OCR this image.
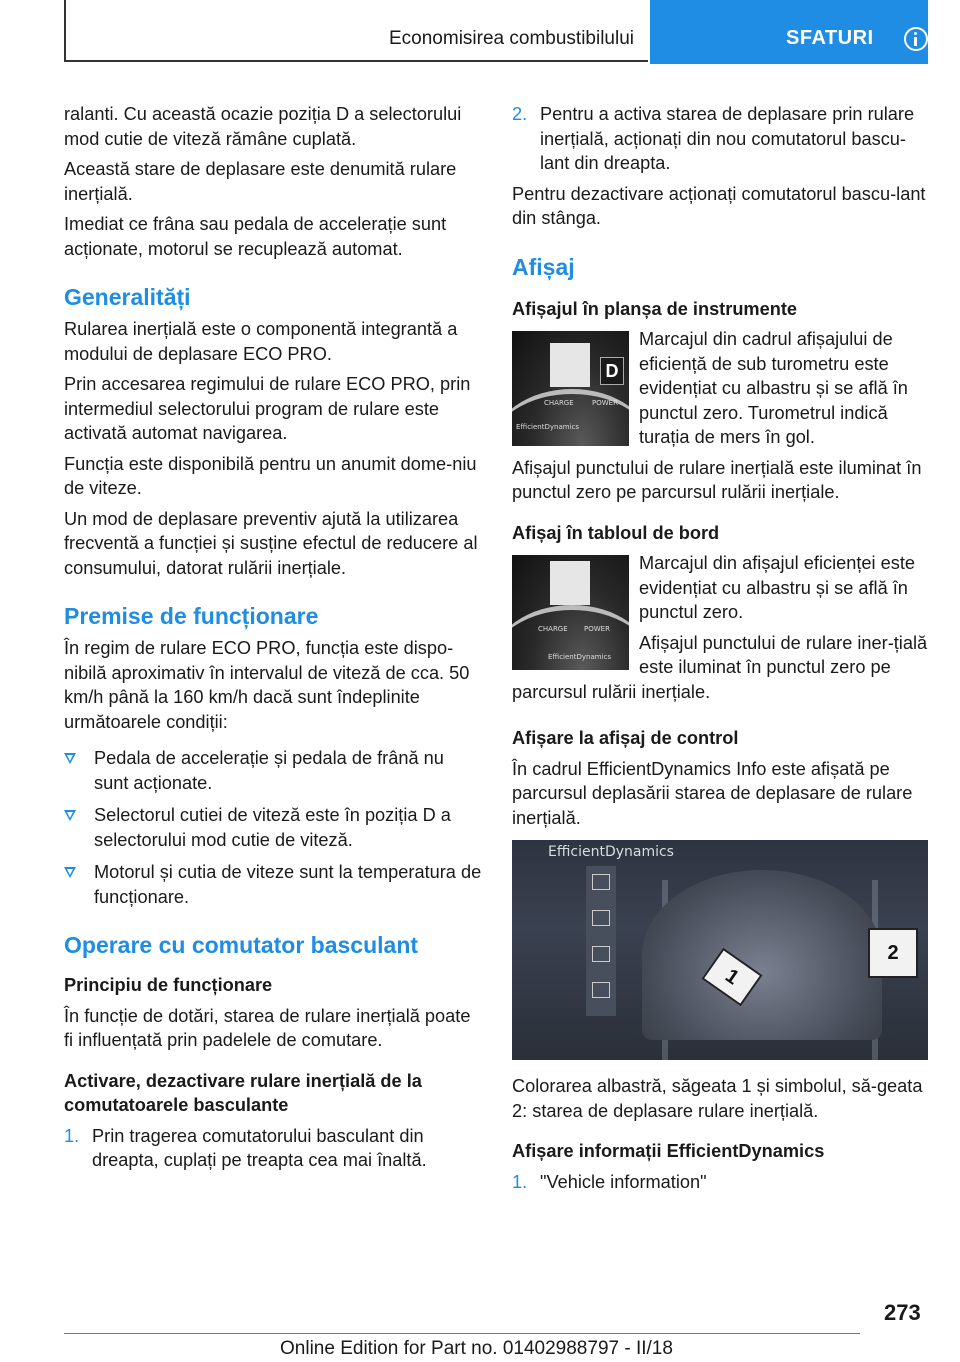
Economisirea combustibilului	SFATURI

ralanti. Cu această ocazie poziția D a selectorului mod cutie de viteză rămâne cuplată.

Această stare de deplasare este denumită rulare inerțială.

Imediat ce frâna sau pedala de accelerație sunt acționate, motorul se recuplează automat.

Generalități

Rularea inerțială este o componentă integrantă a modului de deplasare ECO PRO.

Prin accesarea regimului de rulare ECO PRO, prin intermediul selectorului program de rulare este activată automat navigarea.

Funcția este disponibilă pentru un anumit dome-niu de viteze.

Un mod de deplasare preventiv ajută la utilizarea frecventă a funcției și susține efectul de reducere al consumului, datorat rulării inerțiale.

Premise de funcționare

În regim de rulare ECO PRO, funcția este dispo-nibilă aproximativ în intervalul de viteză de cca. 50 km/h până la 160 km/h dacă sunt îndeplinite următoarele condiții:

Pedala de accelerație și pedala de frână nu sunt acționate.
Selectorul cutiei de viteză este în poziția D a selectorului mod cutie de viteză.
Motorul și cutia de viteze sunt la temperatura de funcționare.
Operare cu comutator basculant
Principiu de funcționare

În funcție de dotări, starea de rulare inerțială poate fi influențată prin padelele de comutare.

Activare, dezactivare rulare inerțială de la comutatoarele basculante
1. Prin tragerea comutatorului basculant din dreapta, cuplați pe treapta cea mai înaltă.
2. Pentru a activa starea de deplasare prin rulare inerțială, acționați din nou comutatorul bascu-lant din dreapta.

Pentru dezactivare acționați comutatorul bascu-lant din stânga.

Afișaj
Afișajul în planșa de instrumente
CHARGE	POWER
EfficientDynamics
D

Marcajul din cadrul afișajului de eficiență de sub turometru este evidențiat cu albastru și se află în punctul zero. Turometrul indică turația de mers în gol.

Afișajul punctului de rulare inerțială este iluminat în punctul zero pe parcursul rulării inerțiale.

Afișaj în tabloul de bord
CHARGE POWER
EfficientDynamics

Marcajul din afișajul eficienței este evidențiat cu albastru și se află în punctul zero.

Afișajul punctului de rulare iner-țială este iluminat în punctul zero pe parcursul rulării inerțiale.

Afișare la afișaj de control

În cadrul EfficientDynamics Info este afișată pe parcursul deplasării starea de deplasare de rulare inerțială.

EfficientDynamics
1
2

Colorarea albastră, săgeata 1 și simbolul, să-geata 2: starea de deplasare rulare inerțială.

Afișare informații EfficientDynamics
1. "Vehicle information"
273
Online Edition for Part no. 01402988797 - II/18
